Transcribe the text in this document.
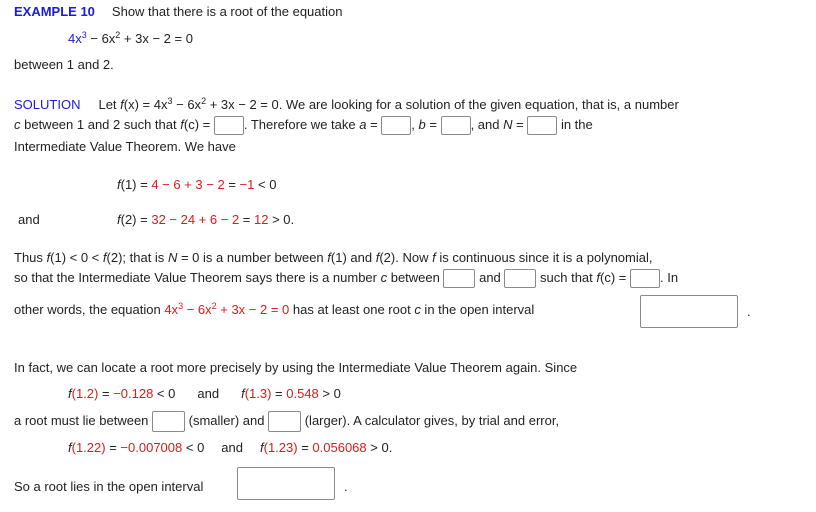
EXAMPLE 10 Show that there is a root of the equation
$4x^3 - 6x^2 + 3x - 2 = 0$
between 1 and 2.
SOLUTION Let $f(x) = 4x^3 - 6x^2 + 3x - 2 = 0$. We are looking for a solution of the given equation, that is, a number
c between 1 and 2 such that f(c) = . Therefore we take a = , b = , and N =  in the
Intermediate Value Theorem. We have
f(1) = 4 − 6 + 3 − 2 = −1 < 0
and	f(2) = 32 − 24 + 6 − 2 = 12 > 0.
Thus f(1) < 0 < f(2); that is N = 0 is a number between f(1) and f(2). Now f is continuous since it is a polynomial,
so that the Intermediate Value Theorem says there is a number c between  and  such that f(c) = . In
other words, the equation $4x^3 - 6x^2 + 3x - 2 = 0$ has at least one root c in the open interval	.
In fact, we can locate a root more precisely by using the Intermediate Value Theorem again. Since
f(1.2) = −0.128 < 0 and f(1.3) = 0.548 > 0
a root must lie between	(smaller) and	(larger). A calculator gives, by trial and error,
f(1.22) = −0.007008 < 0 and f(1.23) = 0.056068 > 0.
So a root lies in the open interval	.
